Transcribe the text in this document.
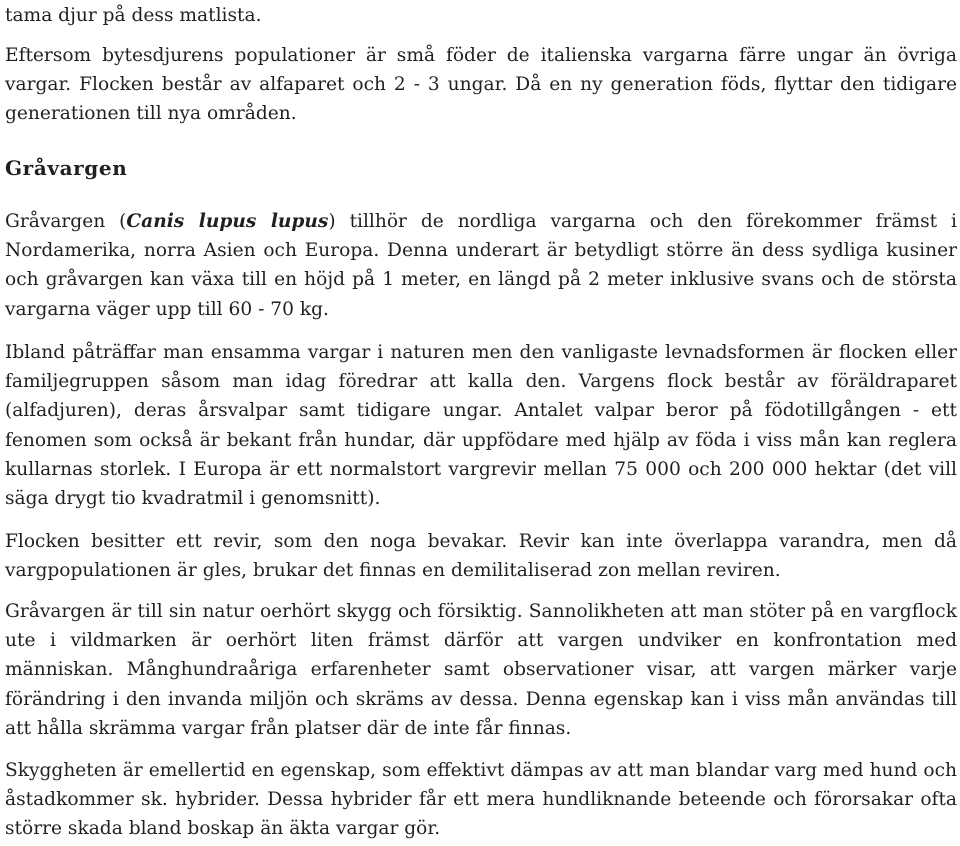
tama djur på dess matlista.

Eftersom bytesdjurens populationer är små föder de italienska vargarna färre ungar än övriga vargar. Flocken består av alfaparet och 2 - 3 ungar. Då en ny generation föds, flyttar den tidigare generationen till nya områden.

Gråvargen

Gråvargen (Canis lupus lupus) tillhör de nordliga vargarna och den förekommer främst i Nordamerika, norra Asien och Europa. Denna underart är betydligt större än dess sydliga kusiner och gråvargen kan växa till en höjd på 1 meter, en längd på 2 meter inklusive svans och de största vargarna väger upp till 60 - 70 kg.

Ibland påträffar man ensamma vargar i naturen men den vanligaste levnadsformen är flocken eller familjegruppen såsom man idag föredrar att kalla den. Vargens flock består av föräldraparet (alfadjuren), deras årsvalpar samt tidigare ungar. Antalet valpar beror på födotillgången - ett fenomen som också är bekant från hundar, där uppfödare med hjälp av föda i viss mån kan reglera kullarnas storlek. I Europa är ett normalstort vargrevir mellan 75 000 och 200 000 hektar (det vill säga drygt tio kvadratmil i genomsnitt).

Flocken besitter ett revir, som den noga bevakar. Revir kan inte överlappa varandra, men då vargpopulationen är gles, brukar det finnas en demilitaliserad zon mellan reviren.

Gråvargen är till sin natur oerhört skygg och försiktig. Sannolikheten att man stöter på en vargflock ute i vildmarken är oerhört liten främst därför att vargen undviker en konfrontation med människan. Månghundraåriga erfarenheter samt observationer visar, att vargen märker varje förändring i den invanda miljön och skräms av dessa. Denna egenskap kan i viss mån användas till att hålla skrämma vargar från platser där de inte får finnas.

Skyggheten är emellertid en egenskap, som effektivt dämpas av att man blandar varg med hund och åstadkommer sk. hybrider. Dessa hybrider får ett mera hundliknande beteende och förorsakar ofta större skada bland boskap än äkta vargar gör.
